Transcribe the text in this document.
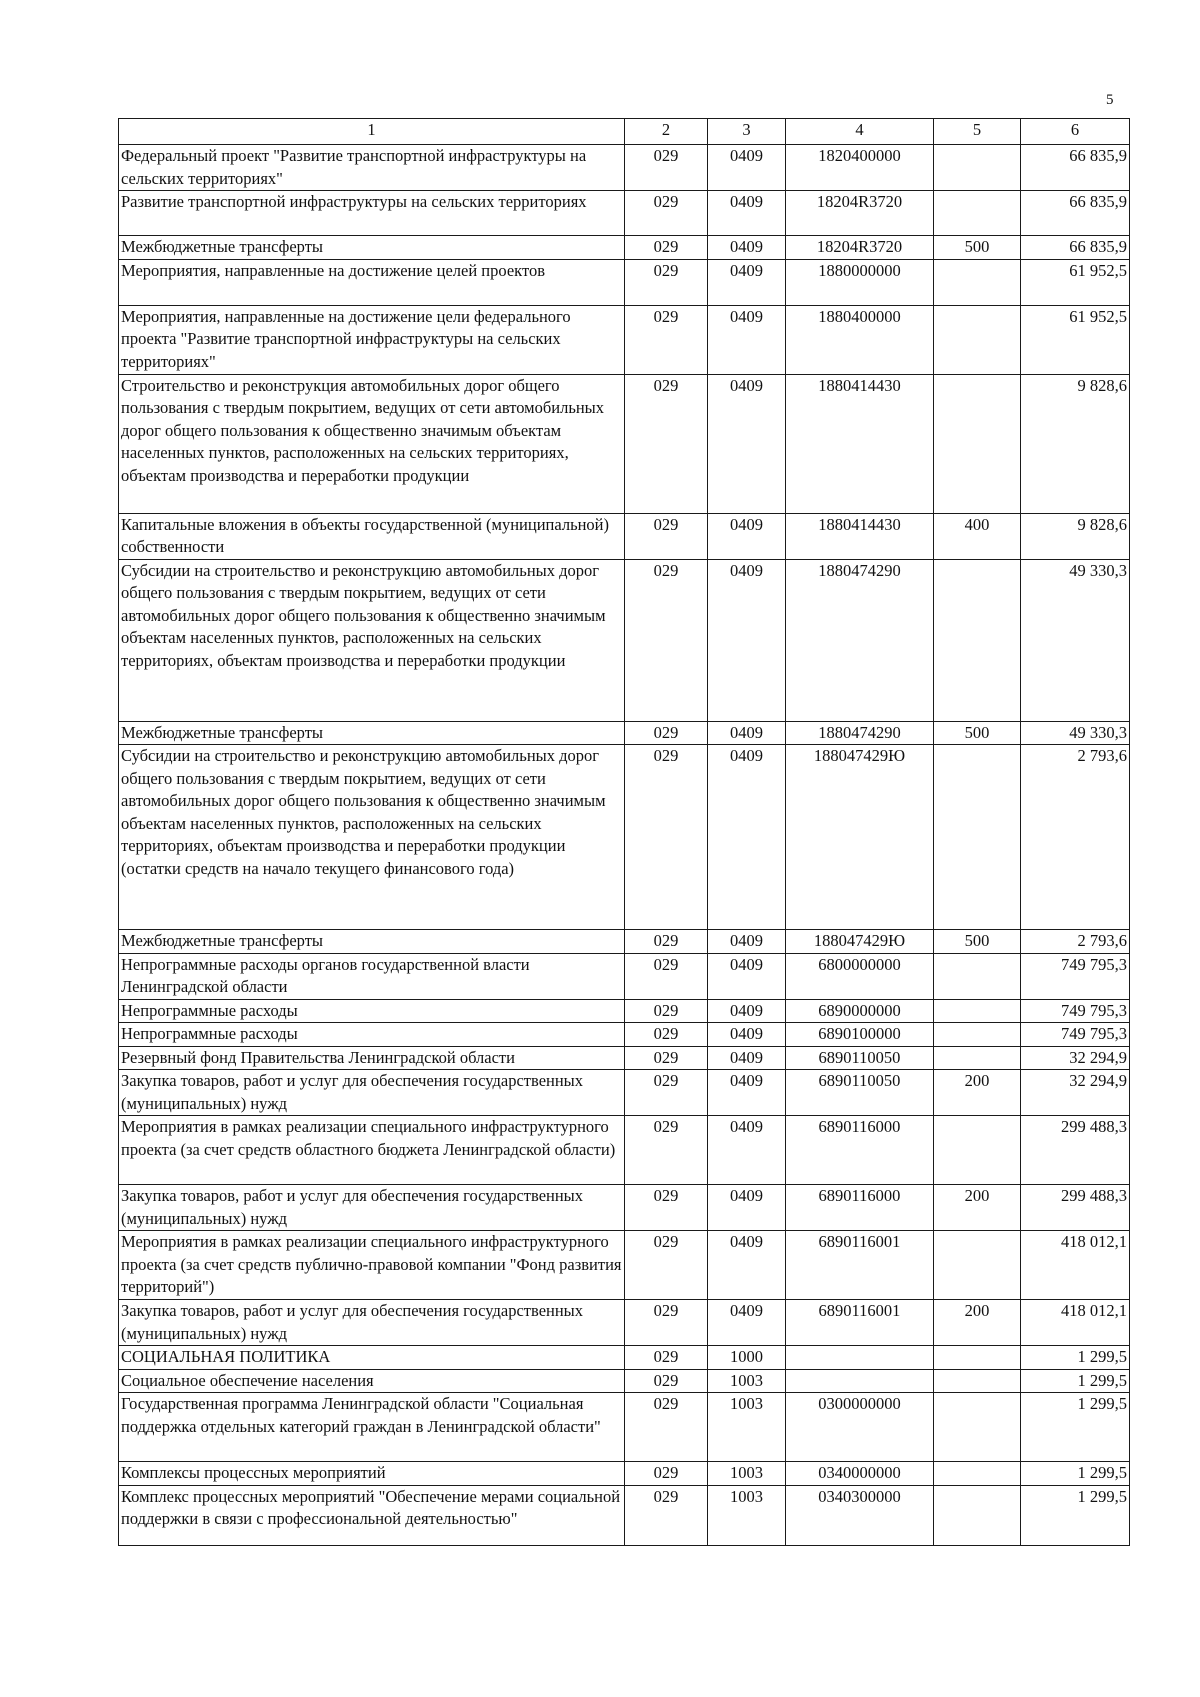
5
1	2	3	4	5	6
Федеральный проект "Развитие транспортной инфраструктуры на сельских территориях"	029	0409	1820400000		66 835,9
Развитие транспортной инфраструктуры на сельских территориях	029	0409	18204R3720		66 835,9
Межбюджетные трансферты	029	0409	18204R3720	500	66 835,9
Мероприятия, направленные на достижение целей проектов	029	0409	1880000000		61 952,5
Мероприятия, направленные на достижение цели федерального проекта "Развитие транспортной инфраструктуры на сельских территориях"	029	0409	1880400000		61 952,5
Строительство и реконструкция автомобильных дорог общего пользования с твердым покрытием, ведущих от сети автомобильных дорог общего пользования к общественно значимым объектам населенных пунктов, расположенных на сельских территориях, объектам производства и переработки продукции	029	0409	1880414430		9 828,6
Капитальные вложения в объекты государственной (муниципальной) собственности	029	0409	1880414430	400	9 828,6
Субсидии на строительство и реконструкцию автомобильных дорог общего пользования с твердым покрытием, ведущих от сети автомобильных дорог общего пользования к общественно значимым объектам населенных пунктов, расположенных на сельских территориях, объектам производства и переработки продукции	029	0409	1880474290		49 330,3
Межбюджетные трансферты	029	0409	1880474290	500	49 330,3
Субсидии на строительство и реконструкцию автомобильных дорог общего пользования с твердым покрытием, ведущих от сети автомобильных дорог общего пользования к общественно значимым объектам населенных пунктов, расположенных на сельских территориях, объектам производства и переработки продукции (остатки средств на начало текущего финансового года)	029	0409	188047429Ю		2 793,6
Межбюджетные трансферты	029	0409	188047429Ю	500	2 793,6
Непрограммные расходы органов государственной власти Ленинградской области	029	0409	6800000000		749 795,3
Непрограммные расходы	029	0409	6890000000		749 795,3
Непрограммные расходы	029	0409	6890100000		749 795,3
Резервный фонд Правительства Ленинградской области	029	0409	6890110050		32 294,9
Закупка товаров, работ и услуг для обеспечения государственных (муниципальных) нужд	029	0409	6890110050	200	32 294,9
Мероприятия в рамках реализации специального инфраструктурного проекта (за счет средств областного бюджета Ленинградской области)	029	0409	6890116000		299 488,3
Закупка товаров, работ и услуг для обеспечения государственных (муниципальных) нужд	029	0409	6890116000	200	299 488,3
Мероприятия в рамках реализации специального инфраструктурного проекта (за счет средств публично-правовой компании "Фонд развития территорий")	029	0409	6890116001		418 012,1
Закупка товаров, работ и услуг для обеспечения государственных (муниципальных) нужд	029	0409	6890116001	200	418 012,1
СОЦИАЛЬНАЯ ПОЛИТИКА	029	1000			1 299,5
Социальное обеспечение населения	029	1003			1 299,5
Государственная программа Ленинградской области "Социальная поддержка отдельных категорий граждан в Ленинградской области"	029	1003	0300000000		1 299,5
Комплексы процессных мероприятий	029	1003	0340000000		1 299,5
Комплекс процессных мероприятий "Обеспечение мерами социальной поддержки в связи с профессиональной деятельностью"	029	1003	0340300000		1 299,5
